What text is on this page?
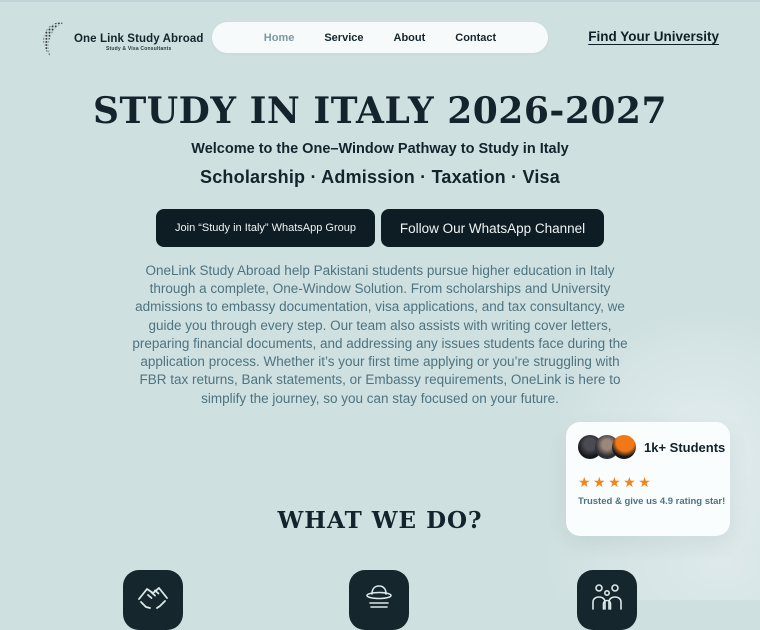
One Link Study Abroad
Study & Visa Consultants
Home	Service	About	Contact	Find Your University
STUDY IN ITALY 2026-2027

Welcome to the One–Window Pathway to Study in Italy

Scholarship · Admission · Taxation · Visa

Join “Study in Italy” WhatsApp Group	Follow Our WhatsApp Channel

OneLink Study Abroad help Pakistani students pursue higher education in Italy through a complete, One-Window Solution. From scholarships and University admissions to embassy documentation, visa applications, and tax consultancy, we guide you through every step. Our team also assists with writing cover letters, preparing financial documents, and addressing any issues students face during the application process. Whether it’s your first time applying or you’re struggling with FBR tax returns, Bank statements, or Embassy requirements, OneLink is here to simplify the journey, so you can stay focused on your future.

1k+ Students
★★★★★
Trusted & give us 4.9 rating star!
WHAT WE DO?
